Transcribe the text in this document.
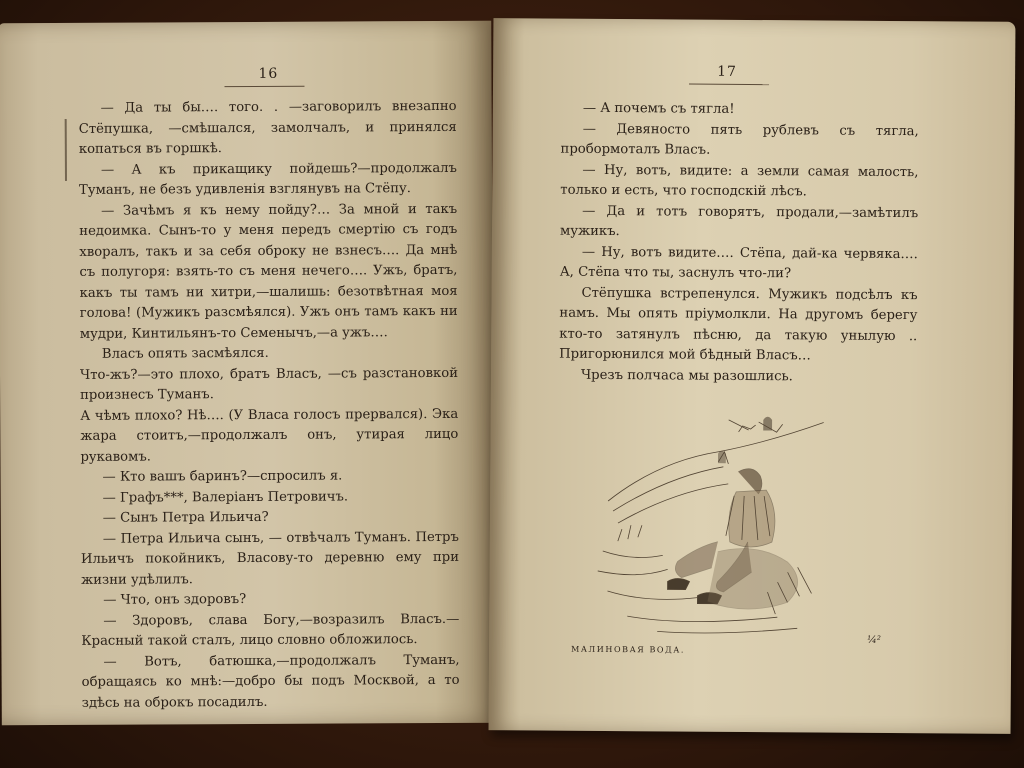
16

— Да ты бы…. того. . —заговорилъ внезапно Стёпушка, —смѣшался, замолчалъ, и принялся копаться въ горшкѣ.

— А къ прикащику пойдешь?—продолжалъ Туманъ, не безъ удивленія взглянувъ на Стёпу.

— Зачѣмъ я къ нему пойду?… За мной и такъ недоимка. Сынъ-то у меня передъ смертію съ годъ хворалъ, такъ и за себя оброку не взнесъ…. Да мнѣ съ полугоря: взять-то съ меня нечего…. Ужъ, братъ, какъ ты тамъ ни хитри,—шалишь: безотвѣтная моя голова! (Мужикъ разсмѣялся). Ужъ онъ тамъ какъ ни мудри, Кинтильянъ-то Семенычъ,—а ужъ….

Власъ опять засмѣялся.

Что-жъ?—это плохо, братъ Власъ, —съ разстановкой произнесъ Туманъ.

А чѣмъ плохо? Нѣ…. (У Власа голосъ прервался). Эка жара стоитъ,—продолжалъ онъ, утирая лицо рукавомъ.

— Кто вашъ баринъ?—спросилъ я.

— Графъ***, Валеріанъ Петровичъ.

— Сынъ Петра Ильича?

— Петра Ильича сынъ, — отвѣчалъ Туманъ. Петръ Ильичъ покойникъ, Власову-то деревню ему при жизни удѣлилъ.

— Что, онъ здоровъ?

— Здоровъ, слава Богу,—возразилъ Власъ.—Красный такой сталъ, лицо словно обложилось.

— Вотъ, батюшка,—продолжалъ Туманъ, обращаясь ко мнѣ:—добро бы подъ Москвой, а то здѣсь на оброкъ посадилъ.

17

— А почемъ съ тягла!

— Девяносто пять рублевъ съ тягла, пробормоталъ Власъ.

— Ну, вотъ, видите: а земли самая малость, только и есть, что господскій лѣсъ.

— Да и тотъ говорятъ, продали,—замѣтилъ мужикъ.

— Ну, вотъ видите…. Стёпа, дай-ка червяка…. А, Стёпа что ты, заснулъ что-ли?

Стёпушка встрепенулся. Мужикъ подсѣлъ къ намъ. Мы опять пріумолкли. На другомъ берегу кто-то затянулъ пѣсню, да такую унылую .. Пригорюнился мой бѣдный Власъ…

Чрезъ полчаса мы разошлись.

МАЛИНОВАЯ ВОДА.
¼²
